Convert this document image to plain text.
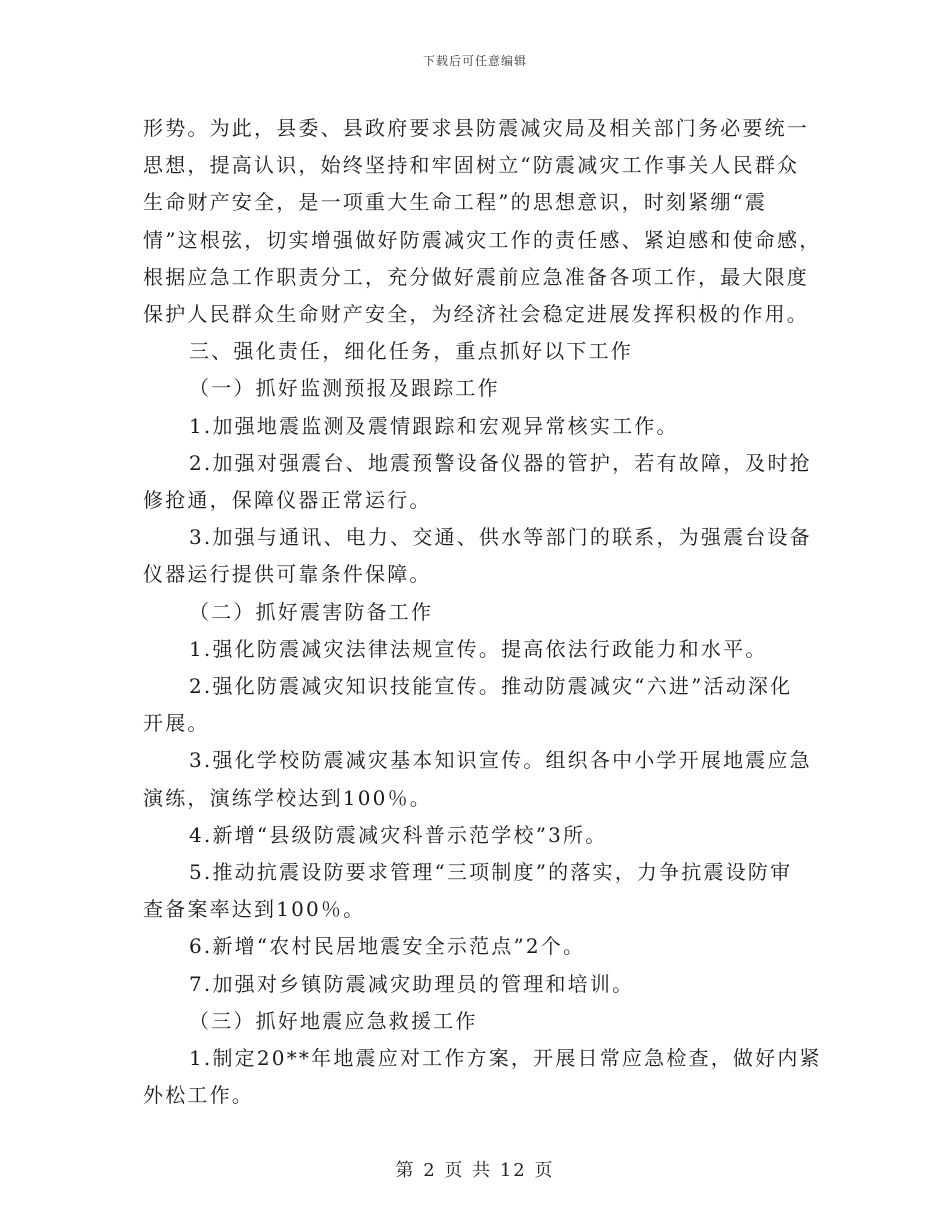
下载后可任意编辑

形势。为此，县委、县政府要求县防震减灾局及相关部门务必要统一

思想，提高认识，始终坚持和牢固树立“防震减灾工作事关人民群众

生命财产安全，是一项重大生命工程”的思想意识，时刻紧绷“震

情”这根弦，切实增强做好防震减灾工作的责任感、紧迫感和使命感，

根据应急工作职责分工，充分做好震前应急准备各项工作，最大限度

保护人民群众生命财产安全，为经济社会稳定进展发挥积极的作用。

三、强化责任，细化任务，重点抓好以下工作

（一）抓好监测预报及跟踪工作

1.加强地震监测及震情跟踪和宏观异常核实工作。

2.加强对强震台、地震预警设备仪器的管护，若有故障，及时抢

修抢通，保障仪器正常运行。

3.加强与通讯、电力、交通、供水等部门的联系，为强震台设备

仪器运行提供可靠条件保障。

（二）抓好震害防备工作

1.强化防震减灾法律法规宣传。提高依法行政能力和水平。

2.强化防震减灾知识技能宣传。推动防震减灾“六进”活动深化

开展。

3.强化学校防震减灾基本知识宣传。组织各中小学开展地震应急

演练，演练学校达到100％。

4.新增“县级防震减灾科普示范学校”3所。

5.推动抗震设防要求管理“三项制度”的落实，力争抗震设防审

查备案率达到100％。

6.新增“农村民居地震安全示范点”2个。

7.加强对乡镇防震减灾助理员的管理和培训。

（三）抓好地震应急救援工作

1.制定20**年地震应对工作方案，开展日常应急检查，做好内紧

外松工作。

第 2 页 共 12 页
